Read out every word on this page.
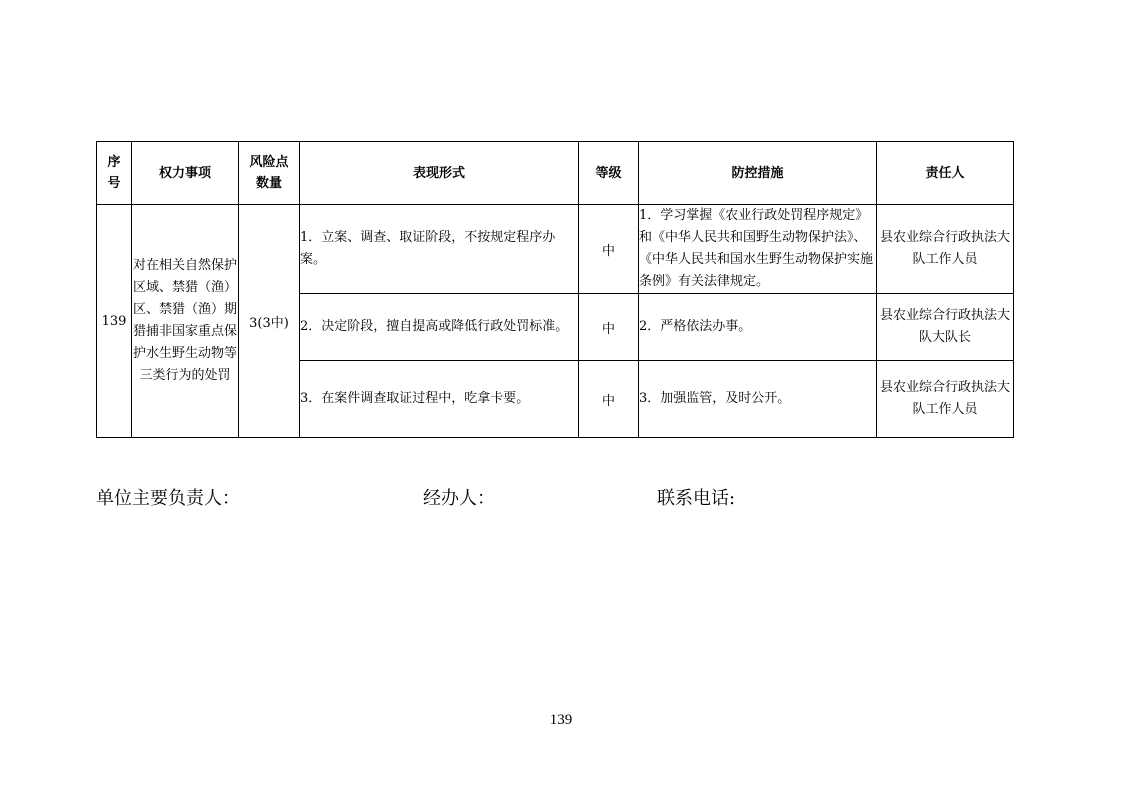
序号	权力事项	风险点数量	表现形式	等级	防控措施	责任人
139	对在相关自然保护区域、禁猎（渔）区、禁猎（渔）期猎捕非国家重点保护水生野生动物等三类行为的处罚	3(3中)	1．立案、调查、取证阶段，不按规定程序办案。	中	1．学习掌握《农业行政处罚程序规定》和《中华人民共和国野生动物保护法》、《中华人民共和国水生野生动物保护实施条例》有关法律规定。	县农业综合行政执法大队工作人员
			2．决定阶段，擅自提高或降低行政处罚标准。	中	2．严格依法办事。	县农业综合行政执法大队大队长
			3．在案件调查取证过程中，吃拿卡要。	中	3．加强监管，及时公开。	县农业综合行政执法大队工作人员
单位主要负责人：	经办人：	联系电话:
139
